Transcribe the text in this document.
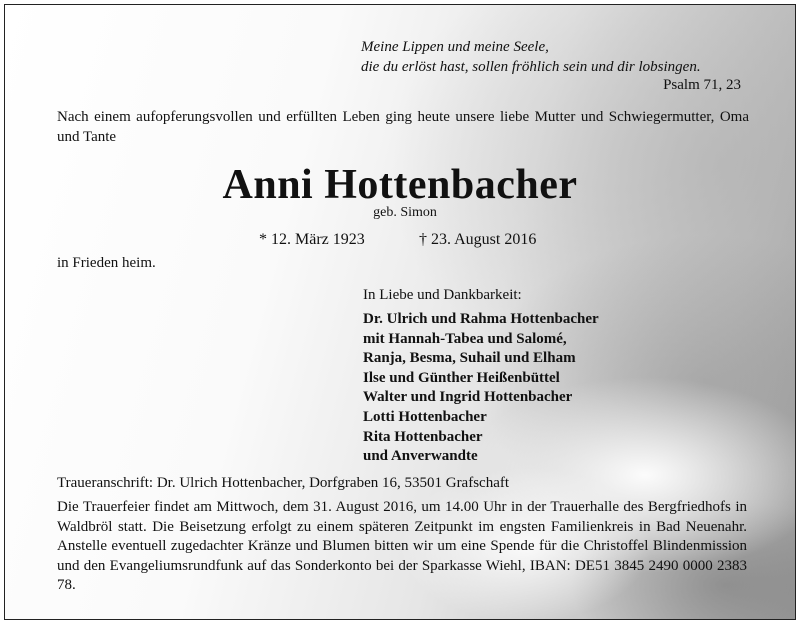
Meine Lippen und meine Seele,
die du erlöst hast, sollen fröhlich sein und dir lobsingen.
Psalm 71, 23

Nach einem aufopferungsvollen und erfüllten Leben ging heute unsere liebe Mutter und Schwiegermutter, Oma und Tante

Anni Hottenbacher
geb. Simon
* 12. März 1923	† 23. August 2016
in Frieden heim.
In Liebe und Dankbarkeit:
Dr. Ulrich und Rahma Hottenbacher
mit Hannah-Tabea und Salomé,
Ranja, Besma, Suhail und Elham
Ilse und Günther Heißenbüttel
Walter und Ingrid Hottenbacher
Lotti Hottenbacher
Rita Hottenbacher
und Anverwandte
Traueranschrift: Dr. Ulrich Hottenbacher, Dorfgraben 16, 53501 Grafschaft

Die Trauerfeier findet am Mittwoch, dem 31. August 2016, um 14.00 Uhr in der Trauerhalle des Bergfriedhofs in Waldbröl statt. Die Beisetzung erfolgt zu einem späteren Zeitpunkt im engsten Familienkreis in Bad Neuenahr. Anstelle eventuell zugedachter Kränze und Blumen bitten wir um eine Spende für die Christoffel Blindenmission und den Evangeliumsrundfunk auf das Sonderkonto bei der Sparkasse Wiehl, IBAN: DE51 3845 2490 0000 2383 78.
